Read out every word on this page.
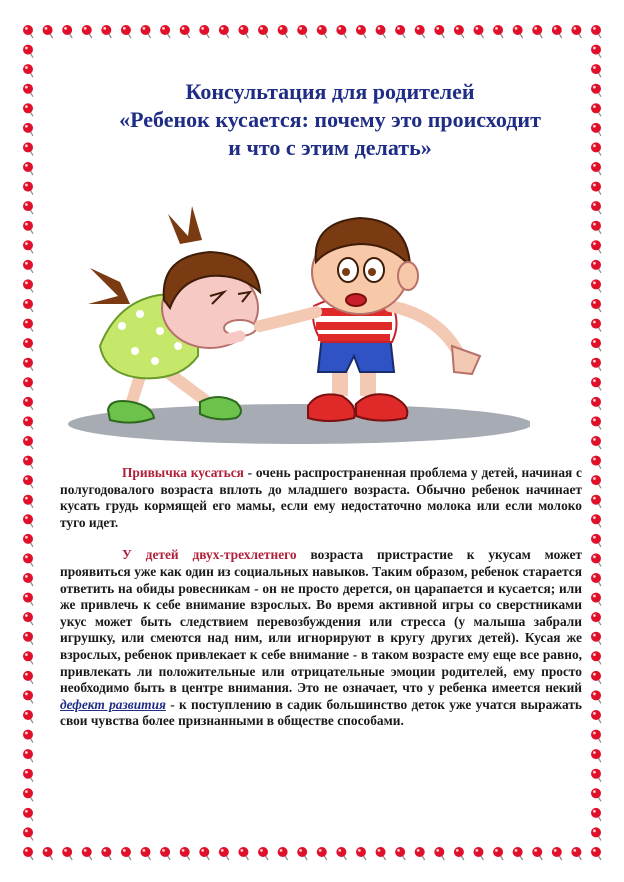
Консультация для родителей
«Ребенок кусается: почему это происходит
и что с этим делать»

Привычка кусаться - очень распространенная проблема у детей, начиная с полугодовалого возраста вплоть до младшего возраста. Обычно ребенок начинает кусать грудь кормящей его мамы, если ему недостаточно молока или если молоко туго идет.

У детей двух-трехлетнего возраста пристрастие к укусам может проявиться уже как один из социальных навыков. Таким образом, ребенок старается ответить на обиды ровесникам - он не просто дерется, он царапается и кусается; или же привлечь к себе внимание взрослых. Во время активной игры со сверстниками укус может быть следствием перевозбуждения или стресса (у малыша забрали игрушку, или смеются над ним, или игнорируют в кругу других детей). Кусая же взрослых, ребенок привлекает к себе внимание - в таком возрасте ему еще все равно, привлекать ли положительные или отрицательные эмоции родителей, ему просто необходимо быть в центре внимания. Это не означает, что у ребенка имеется некий дефект развития - к поступлению в садик большинство деток уже учатся выражать свои чувства более признанными в обществе способами.
